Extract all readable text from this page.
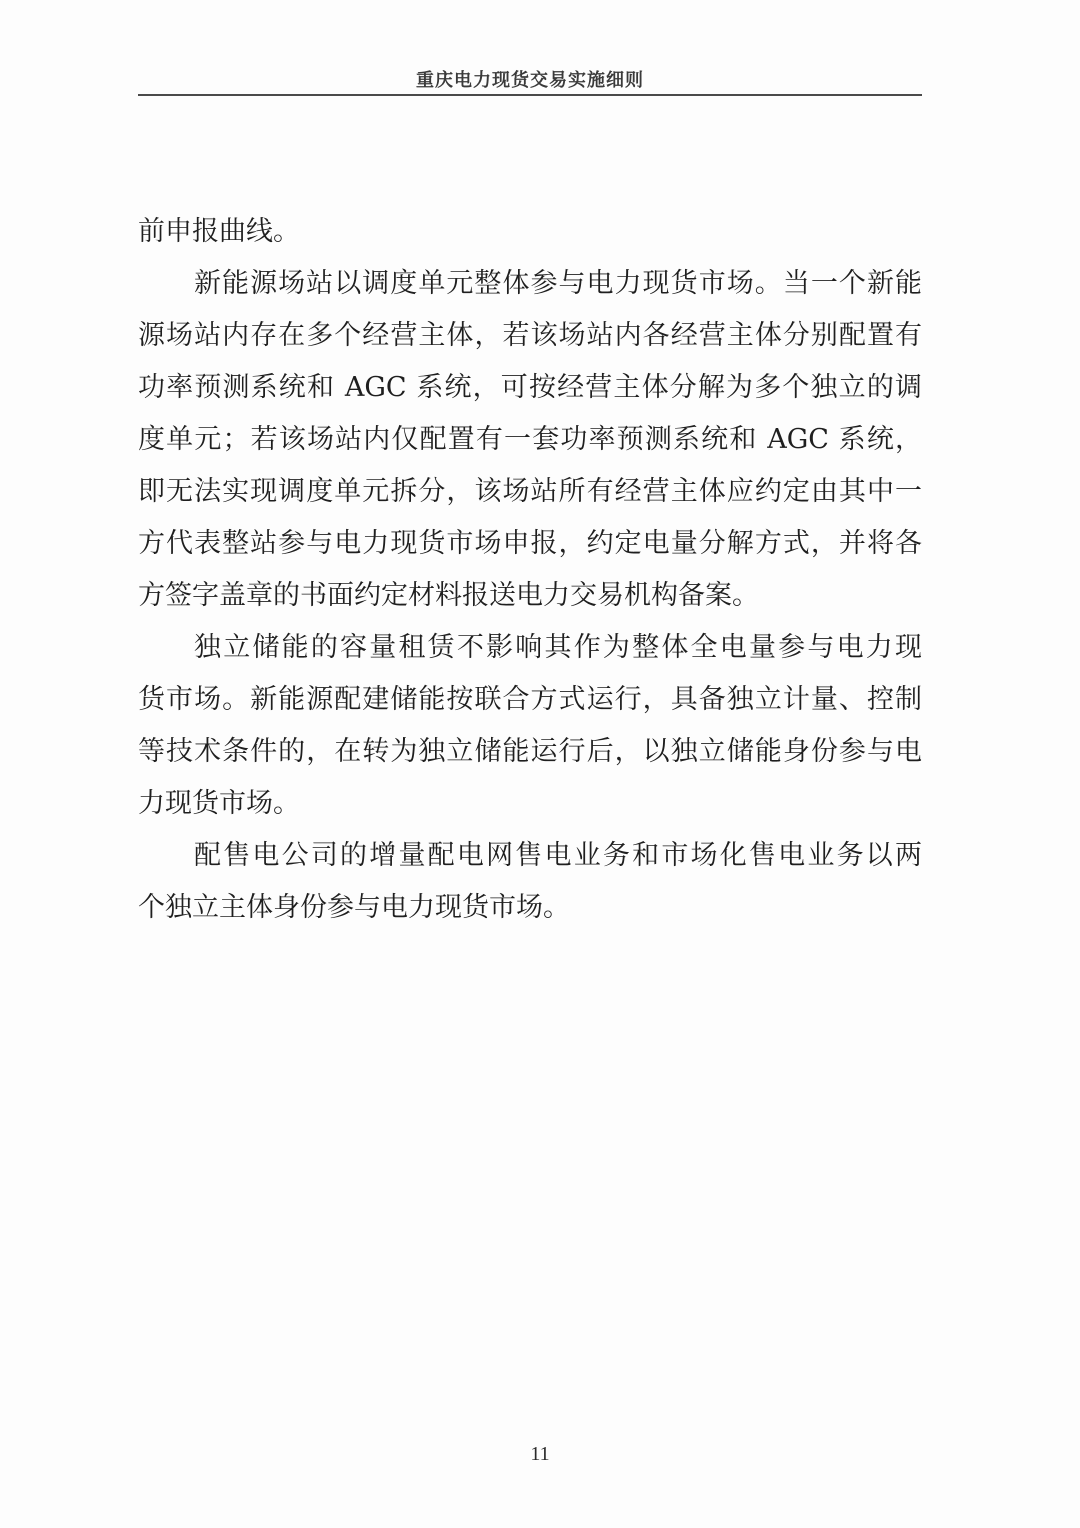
重庆电力现货交易实施细则
前申报曲线。
新能源场站以调度单元整体参与电力现货市场。当一个新能
源场站内存在多个经营主体，若该场站内各经营主体分别配置有
功率预测系统和 AGC 系统，可按经营主体分解为多个独立的调
度单元；若该场站内仅配置有一套功率预测系统和 AGC 系统，
即无法实现调度单元拆分，该场站所有经营主体应约定由其中一
方代表整站参与电力现货市场申报，约定电量分解方式，并将各
方签字盖章的书面约定材料报送电力交易机构备案。
独立储能的容量租赁不影响其作为整体全电量参与电力现
货市场。新能源配建储能按联合方式运行，具备独立计量、控制
等技术条件的，在转为独立储能运行后，以独立储能身份参与电
力现货市场。
配售电公司的增量配电网售电业务和市场化售电业务以两
个独立主体身份参与电力现货市场。
11
